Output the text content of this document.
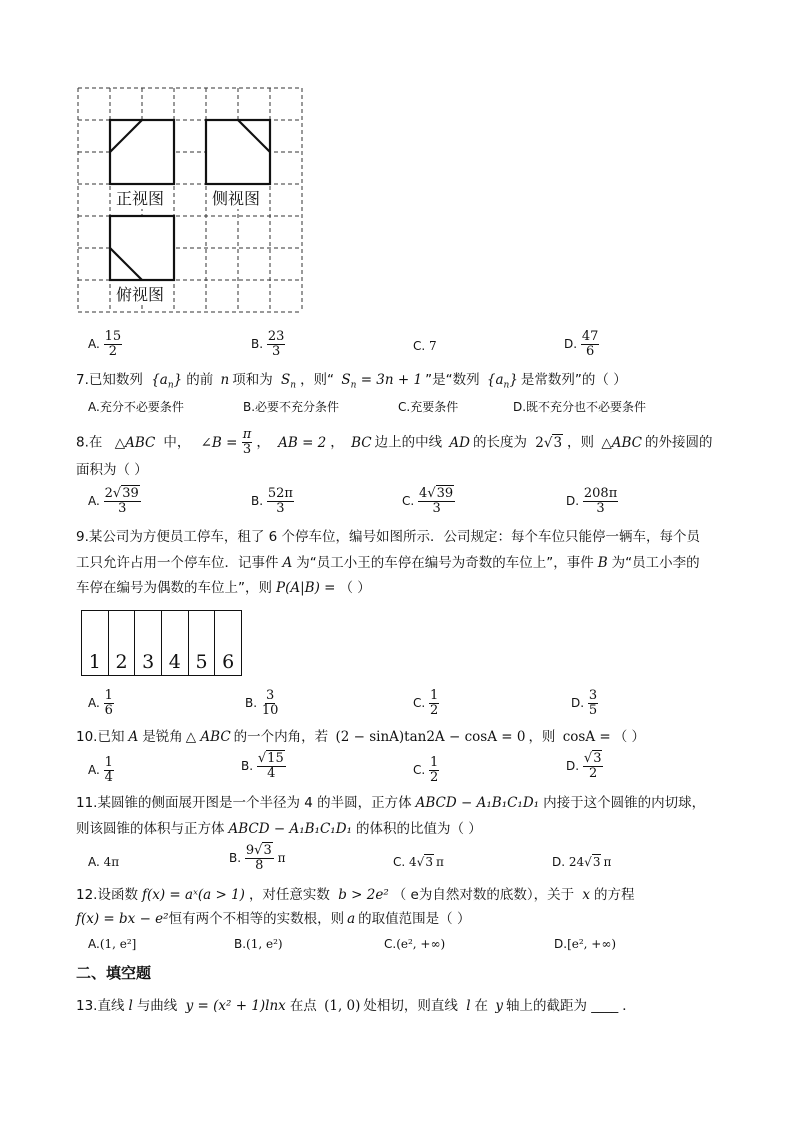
正视图	侧视图
俯视图
A. $\frac{15}{2}$	B. $\frac{23}{3}$	C. 7	D. $\frac{47}{6}$
7.已知数列 $\{a_n\}$ 的前 n 项和为 $S_n$ ，则“ $S_n = 3n + 1$ ”是“数列 $\{a_n\}$ 是常数列”的（ ）
A.充分不必要条件	B.必要不充分条件	C.充要条件	D.既不充分也不必要条件
8.在 △ABC 中， ∠B = $\frac{\pi}{3}$ ， AB = 2 ， BC 边上的中线 AD 的长度为 2√3 ，则 △ABC 的外接圆的
面积为（ ）
A. $\frac{2√39}{3}$	B. $\frac{52\pi}{3}$	C. $\frac{4√39}{3}$	D. $\frac{208\pi}{3}$
9.某公司为方便员工停车，租了 6 个停车位，编号如图所示．公司规定：每个车位只能停一辆车，每个员
工只允许占用一个停车位．记事件 A 为“员工小王的车停在编号为奇数的车位上”，事件 B 为“员工小李的
车停在编号为偶数的车位上”，则 P(A|B) = （ ）
1 2 3 4 5 6
A. $\frac{1}{6}$	B. $\frac{3}{10}$	C. $\frac{1}{2}$	D. $\frac{3}{5}$
10.已知 A 是锐角 △ ABC 的一个内角，若 (2 − sinA)tan2A − cosA = 0 ，则 cosA = （ ）
A. $\frac{1}{4}$	B. $\frac{√15}{4}$	C. $\frac{1}{2}$	D. $\frac{√3}{2}$
11.某圆锥的侧面展开图是一个半径为 4 的半圆，正方体 ABCD − A₁B₁C₁D₁ 内接于这个圆锥的内切球，
则该圆锥的体积与正方体 ABCD − A₁B₁C₁D₁ 的体积的比值为（ ）
A. 4π	B. $\frac{9√3}{8}$ π	C. 4√3 π	D. 24√3 π
12.设函数 f(x) = aˣ(a > 1) ，对任意实数 b > 2e² （ e为自然对数的底数），关于 x 的方程
f(x) = bx − e²恒有两个不相等的实数根，则 a 的取值范围是（ ）
A.(1, e²]	B.(1, e²)	C.(e², +∞)	D.[e², +∞)
二、填空题
13.直线 l 与曲线 y = (x² + 1)lnx 在点 (1, 0) 处相切，则直线 l 在 y 轴上的截距为 ____ ．
